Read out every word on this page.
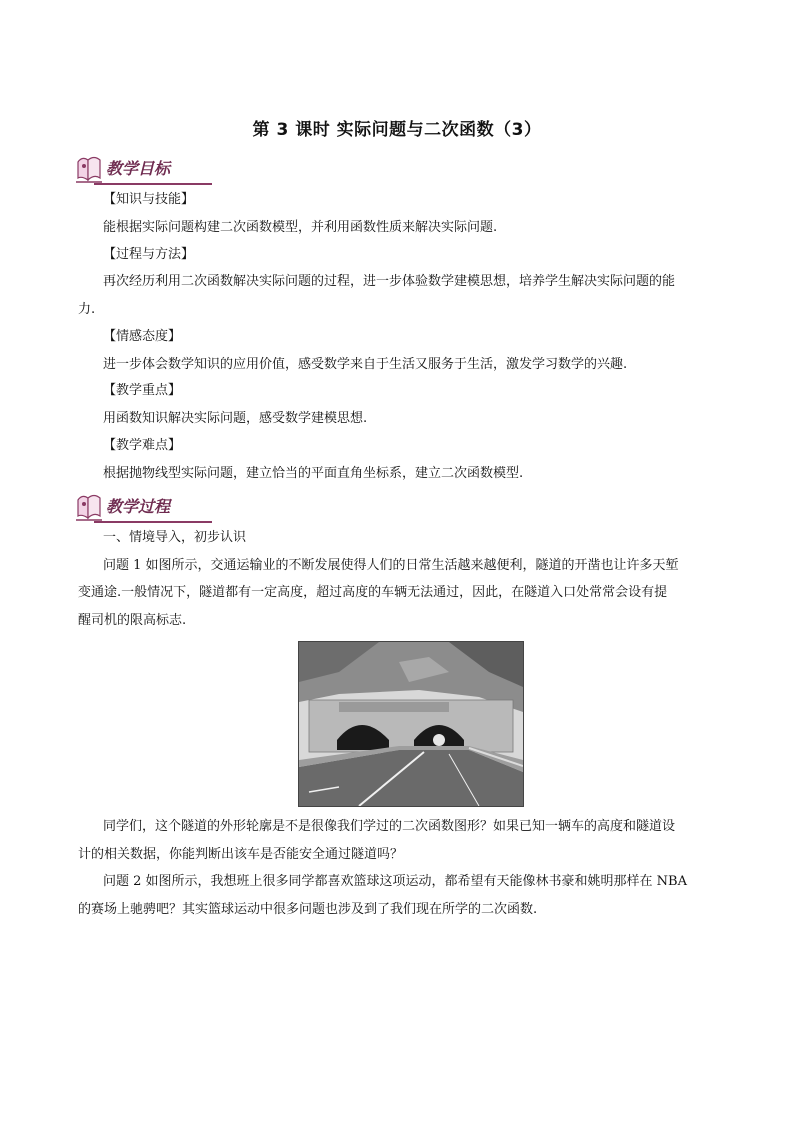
第 3 课时 实际问题与二次函数（3）
教学目标
【知识与技能】
能根据实际问题构建二次函数模型，并利用函数性质来解决实际问题.
【过程与方法】
再次经历利用二次函数解决实际问题的过程，进一步体验数学建模思想，培养学生解决实际问题的能
力.
【情感态度】
进一步体会数学知识的应用价值，感受数学来自于生活又服务于生活，激发学习数学的兴趣.
【教学重点】
用函数知识解决实际问题，感受数学建模思想.
【教学难点】
根据抛物线型实际问题，建立恰当的平面直角坐标系，建立二次函数模型.
教学过程
一、情境导入，初步认识
问题 1 如图所示，交通运输业的不断发展使得人们的日常生活越来越便利，隧道的开凿也让许多天堑
变通途.一般情况下，隧道都有一定高度，超过高度的车辆无法通过，因此，在隧道入口处常常会设有提
醒司机的限高标志.
同学们，这个隧道的外形轮廓是不是很像我们学过的二次函数图形？如果已知一辆车的高度和隧道设
计的相关数据，你能判断出该车是否能安全通过隧道吗？
问题 2 如图所示，我想班上很多同学都喜欢篮球这项运动，都希望有天能像林书豪和姚明那样在 NBA
的赛场上驰骋吧？其实篮球运动中很多问题也涉及到了我们现在所学的二次函数.
